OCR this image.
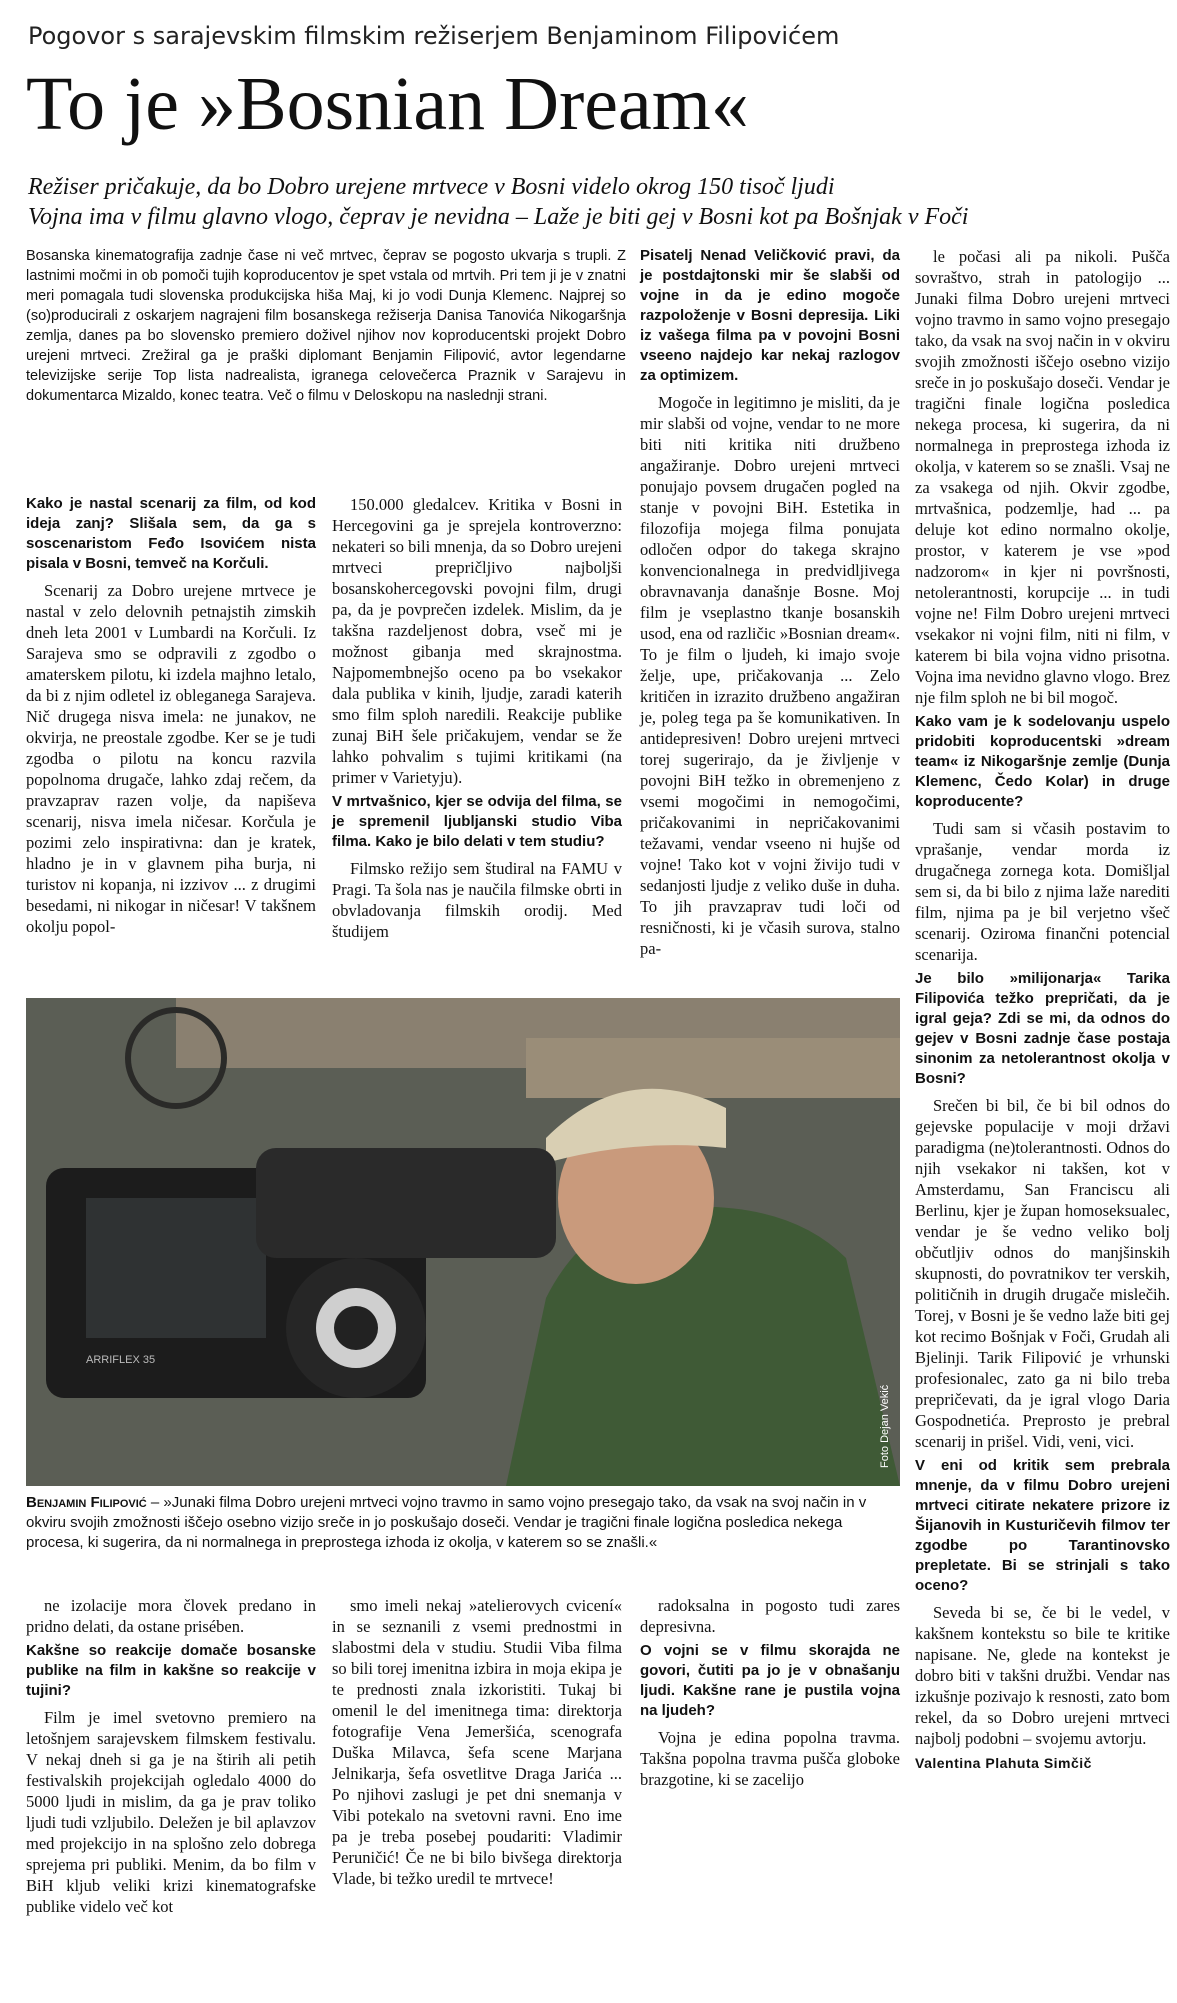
Pogovor s sarajevskim filmskim režiserjem Benjaminom Filipovićem
To je »Bosnian Dream«
Režiser pričakuje, da bo Dobro urejene mrtvece v Bosni videlo okrog 150 tisoč ljudi
Vojna ima v filmu glavno vlogo, čeprav je nevidna – Laže je biti gej v Bosni kot pa Bošnjak v Foči
Bosanska kinematografija zadnje čase ni več mrtvec, čeprav se pogosto ukvarja s trupli. Z lastnimi močmi in ob pomoči tujih koproducentov je spet vstala od mrtvih. Pri tem ji je v znatni meri pomagala tudi slovenska produkcijska hiša Maj, ki jo vodi Dunja Klemenc. Najprej so (so)producirali z oskarjem nagrajeni film bosanskega režiserja Danisa Tanovića Nikogaršnja zemlja, danes pa bo slovensko premiero doživel njihov nov koproducentski projekt Dobro urejeni mrtveci. Zrežiral ga je praški diplomant Benjamin Filipović, avtor legendarne televizijske serije Top lista nadrealista, igranega celovečerca Praznik v Sarajevu in dokumentarca Mizaldo, konec teatra. Več o filmu v Deloskopu na naslednji strani.

Kako je nastal scenarij za film, od kod ideja zanj? Slišala sem, da ga s soscenaristom Fеđo Isovićem nista pisala v Bosni, temveč na Korčuli.

Scenarij za Dobro urejene mrtvece je nastal v zelo delovnih petnajstih zimskih dneh leta 2001 v Lumbardi na Korčuli. Iz Sarajeva smo se odpravili z zgodbo o amaterskem pilotu, ki izdela majhno letalo, da bi z njim odletel iz obleganega Sarajeva. Nič drugega nisva imela: ne junakov, ne okvirja, ne preostale zgodbe. Ker se je tudi zgodba o pilotu na koncu razvila popolnoma drugače, lahko zdaj rečem, da pravzaprav razen volje, da napiševa scenarij, nisva imela ničesar. Korčula je pozimi zelo inspirativna: dan je kratek, hladno je in v glavnem piha burja, ni turistov ni kopanja, ni izzivov ... z drugimi besedami, ni nikogar in ničesar! V takšnem okolju popol-

150.000 gledalcev. Kritika v Bosni in Hercegovini ga je sprejela kontroverzno: nekateri so bili mnenja, da so Dobro urejeni mrtveci prepričljivo najboljši bosanskohercegovski povojni film, drugi pa, da je povprečen izdelek. Mislim, da je takšna razdeljenost dobra, vseč mi je možnost gibanja med skrajnostma. Najpomembnejšo oceno pa bo vsekakor dala publika v kinih, ljudje, zaradi katerih smo film sploh naredili. Reakcije publike zunaj BiH šele pričakujem, vendar se že lahko pohvalim s tujimi kritikami (na primer v Varietyju).

V mrtvašnico, kjer se odvija del filma, se je spremenil ljubljanski studio Viba filma. Kako je bilo delati v tem studiu?

Filmsko režijo sem študiral na FAMU v Pragi. Ta šola nas je naučila filmske obrti in obvladovanja filmskih orodij. Med študijem

Pisatelj Nenad Veličković pravi, da je postdajtonski mir še slabši od vojne in da je edino mogoče razpoloženje v Bosni depresija. Liki iz vašega filma pa v povojni Bosni vseeno najdejo kar nekaj razlogov za optimizem.

Mogoče in legitimno je misliti, da je mir slabši od vojne, vendar to ne more biti niti kritika niti družbeno angažiranje. Dobro urejeni mrtveci ponujajo povsem drugačen pogled na stanje v povojni BiH. Estetika in filozofija mojega filma ponujata odločen odpor do takega skrajno konvencionalnega in predvidljivega obravnavanja današnje Bosne. Moj film je vseplastno tkanje bosanskih usod, ena od različic »Bosnian dream«. To je film o ljudeh, ki imajo svoje želje, upe, pričakovanja ... Zelo kritičen in izrazito družbeno angažiran je, poleg tega pa še komunikativen. In antidepresiven! Dobro urejeni mrtveci torej sugerirajo, da je življenje v povojni BiH težko in obremenjeno z vsemi mogočimi in nemogočimi, pričakovanimi in nepričakovanimi težavami, vendar vseeno ni hujše od vojne! Tako kot v vojni živijo tudi v sedanjosti ljudje z veliko duše in duha. To jih pravzaprav tudi loči od resničnosti, ki je včasih surova, stalno pa-

le počasi ali pa nikoli. Pušča sovraštvo, strah in patologijo ... Junaki filma Dobro urejeni mrtveci vojno travmo in samo vojno presegajo tako, da vsak na svoj način in v okviru svojih zmožnosti iščejo osebno vizijo sreče in jo poskušajo doseči. Vendar je tragični finale logična posledica nekega procesa, ki sugerira, da ni normalnega in preprostega izhoda iz okolja, v katerem so se znašli. Vsaj ne za vsakega od njih. Okvir zgodbe, mrtvašnica, podzemlje, had ... pa deluje kot edino normalno okolje, prostor, v katerem je vse »pod nadzorom« in kjer ni površnosti, netolerantnosti, korupcije ... in tudi vojne ne! Film Dobro urejeni mrtveci vsekakor ni vojni film, niti ni film, v katerem bi bila vojna vidno prisotna. Vojna ima nevidno glavno vlogo. Brez nje film sploh ne bi bil mogoč.

Kako vam je k sodelovanju uspelo pridobiti koproducentski »dream team« iz Nikogaršnje zemlje (Dunja Klemenc, Čedo Kolar) in druge koproducente?

Tudi sam si včasih postavim to vprašanje, vendar morda iz drugačnega zornega kota. Domišljal sem si, da bi bilo z njima laže narediti film, njima pa je bil verjetno všeč scenarij. Ozirома finančni potencial scenarija.

Je bilo »milijonarja« Tarika Filipovića težko prepričati, da je igral geja? Zdi se mi, da odnos do gejev v Bosni zadnje čase postaja sinonim za netolerantnost okolja v Bosni?

Srečen bi bil, če bi bil odnos do gejevske populacije v moji državi paradigma (ne)tolerantnosti. Odnos do njih vsekakor ni takšen, kot v Amsterdamu, San Franciscu ali Berlinu, kjer je župan homoseksualec, vendar je še vedno veliko bolj občutljiv odnos do manjšinskih skupnosti, do povratnikov ter verskih, političnih in drugih drugače mislečih. Torej, v Bosni je še vedno laže biti gej kot recimo Bošnjak v Foči, Grudah ali Bjelinji. Tarik Filipović je vrhunski profesionalec, zato ga ni bilo treba prepričevati, da je igral vlogo Daria Gospodnetića. Preprosto je prebral scenarij in prišel. Vidi, veni, vici.

V eni od kritik sem prebrala mnenje, da v filmu Dobro urejeni mrtveci citirate nekatere prizore iz Šijanovih in Kusturičevih filmov ter zgodbe po Tarantinovsko prepletate. Bi se strinjali s tako oceno?

Seveda bi se, če bi le vedel, v kakšnem kontekstu so bile te kritike napisane. Ne, glede na kontekst je dobro biti v takšni družbi. Vendar nas izkušnje pozivajo k resnosti, zato bom rekel, da so Dobro urejeni mrtveci najbolj podobni – svojemu avtorju.

Valentina Plahuta Simčič
ARRIFLEX 35
Foto Dejan Vekić
Benjamin Filipović – »Junaki filma Dobro urejeni mrtveci vojno travmo in samo vojno presegajo tako, da vsak na svoj način in v okviru svojih zmožnosti iščejo osebno vizijo sreče in jo poskušajo doseči. Vendar je tragični finale logična posledica nekega procesa, ki sugerira, da ni normalnega in preprostega izhoda iz okolja, v katerem so se znašli.«

ne izolacije mora človek predano in pridno delati, da ostane prisében.

Kakšne so reakcije domače bosanske publike na film in kakšne so reakcije v tujini?

Film je imel svetovno premiero na letošnjem sarajevskem filmskem festivalu. V nekaj dneh si ga je na štirih ali petih festivalskih projekcijah ogledalo 4000 do 5000 ljudi in mislim, da ga je prav toliko ljudi tudi vzljubilo. Deležen je bil aplavzov med projekcijo in na splošno zelo dobrega sprejema pri publiki. Menim, da bo film v BiH kljub veliki krizi kinematografske publike videlo več kot

smo imeli nekaj »atelierovych cvicení« in se seznanili z vsemi prednostmi in slabostmi dela v studiu. Studii Viba filma so bili torej imenitna izbira in moja ekipa je te prednosti znala izkoristiti. Tukaj bi omenil le del imenitnega tima: direktorja fotografije Vena Jemeršića, scenografa Duška Milavca, šefa scene Marjana Jelnikarja, šefa osvetlitve Draga Jarića ... Po njihovi zaslugi je pet dni snemanja v Vibi potekalo na svetovni ravni. Eno ime pa je treba posebej poudariti: Vladimir Peruničić! Če ne bi bilo bivšega direktorja Vlade, bi težko uredil te mrtvece!

radoksalna in pogosto tudi zares depresivna.

O vojni se v filmu skorajda ne govori, čutiti pa jo je v obnašanju ljudi. Kakšne rane je pustila vojna na ljudeh?

Vojna je edina popolna travma. Takšna popolna travma pušča globoke brazgotine, ki se zacelijo
